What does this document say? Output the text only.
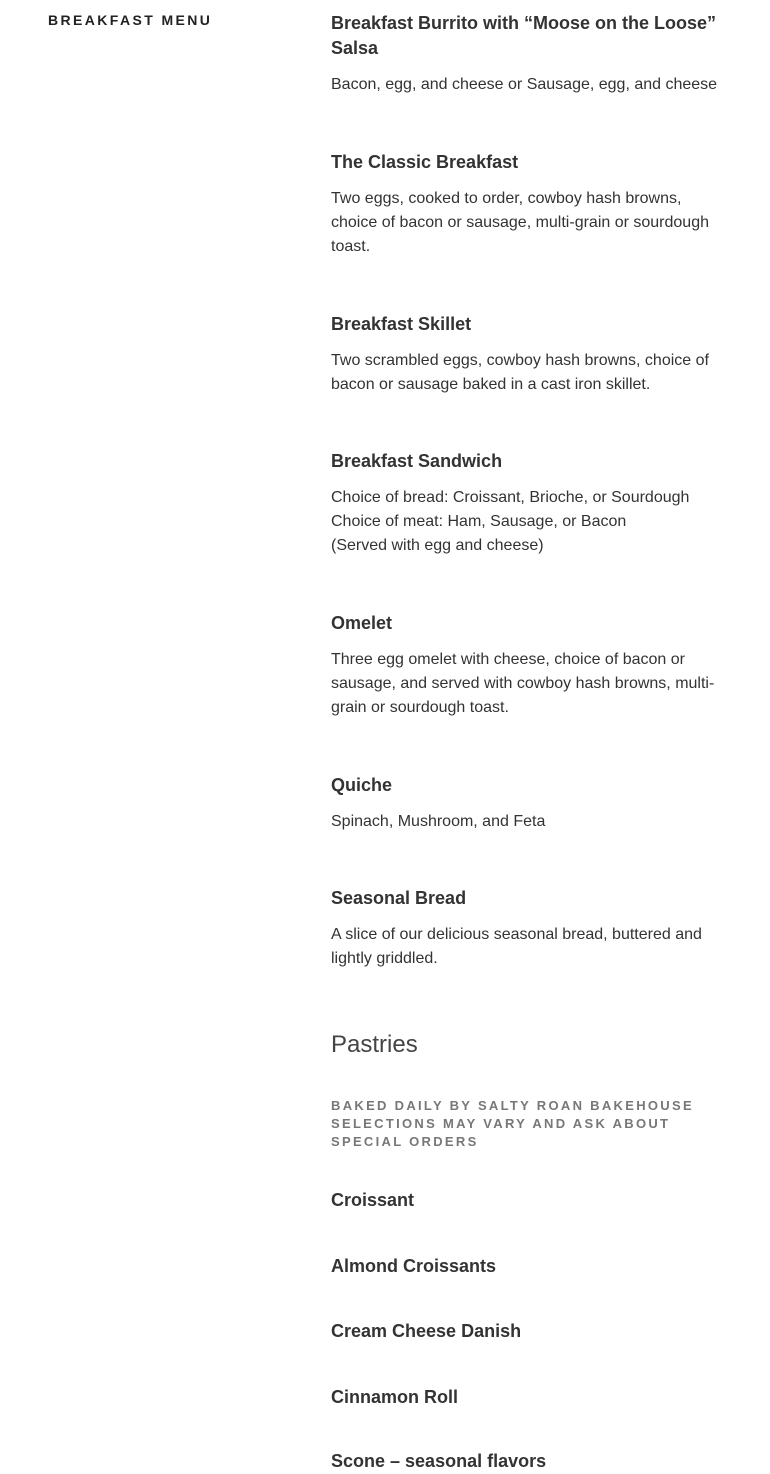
BREAKFAST MENU	Breakfast Burrito with “Moose on the Loose” Salsa

Bacon, egg, and cheese or Sausage, egg, and cheese

The Classic Breakfast

Two eggs, cooked to order, cowboy hash browns, choice of bacon or sausage, multi-grain or sourdough toast.

Breakfast Skillet

Two scrambled eggs, cowboy hash browns, choice of bacon or sausage baked in a cast iron skillet.

Breakfast Sandwich

Choice of bread: Croissant, Brioche, or Sourdough
Choice of meat: Ham, Sausage, or Bacon
(Served with egg and cheese)

Omelet

Three egg omelet with cheese, choice of bacon or sausage, and served with cowboy hash browns, multi-grain or sourdough toast.

Quiche

Spinach, Mushroom, and Feta

Seasonal Bread

A slice of our delicious seasonal bread, buttered and lightly griddled.

Pastries

BAKED DAILY BY SALTY ROAN BAKEHOUSE
SELECTIONS MAY VARY AND ASK ABOUT
SPECIAL ORDERS

Croissant
Almond Croissants
Cream Cheese Danish
Cinnamon Roll
Scone – seasonal flavors
